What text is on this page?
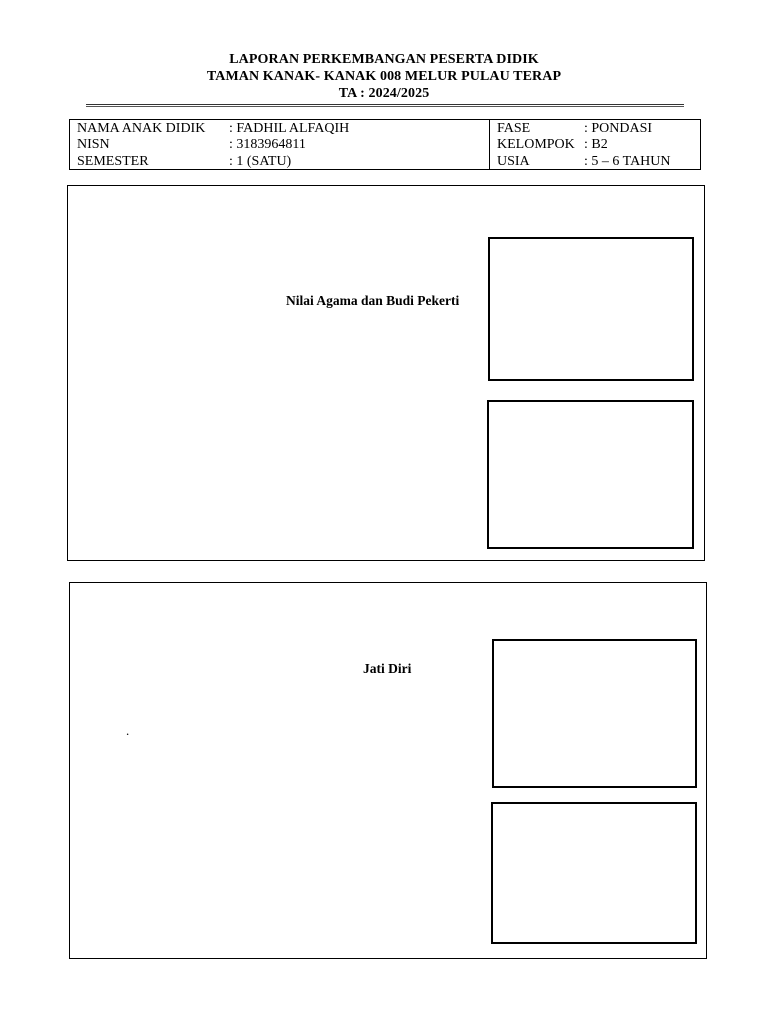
LAPORAN PERKEMBANGAN PESERTA DIDIK
TAMAN KANAK- KANAK 008 MELUR PULAU TERAP
TA : 2024/2025
NAMA ANAK DIDIK : FADHIL ALFAQIH
NISN	: 3183964811
SEMESTER	: 1 (SATU)
FASE	: PONDASI
KELOMPOK : B2
USIA	: 5 – 6 TAHUN
Nilai Agama dan Budi Pekerti
Jati Diri
.
